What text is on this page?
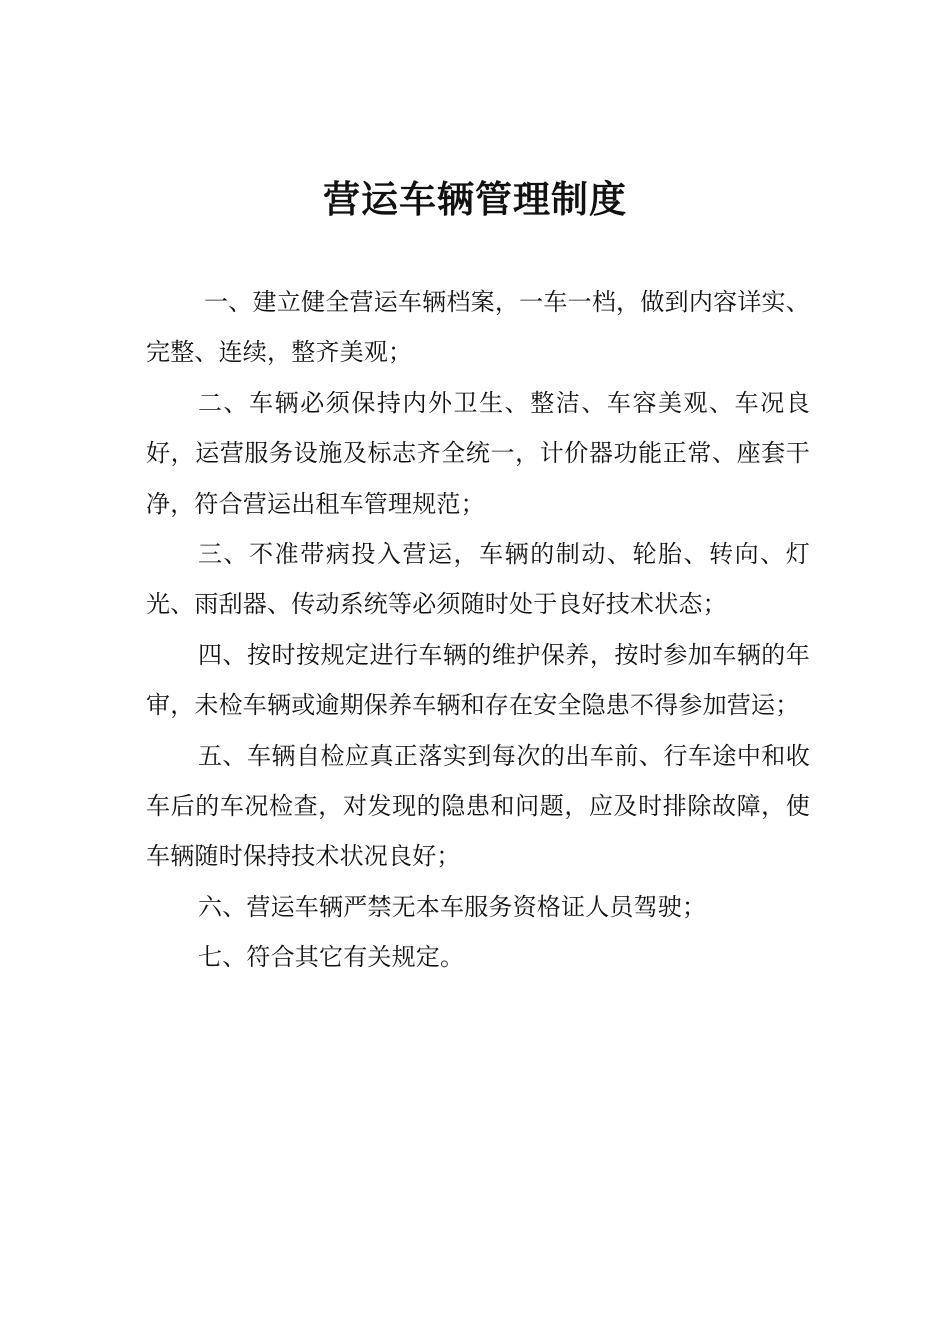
营运车辆管理制度

一、建立健全营运车辆档案，一车一档，做到内容详实、完整、连续，整齐美观；

二、车辆必须保持内外卫生、整洁、车容美观、车况良好，运营服务设施及标志齐全统一，计价器功能正常、座套干净，符合营运出租车管理规范；

三、不准带病投入营运，车辆的制动、轮胎、转向、灯光、雨刮器、传动系统等必须随时处于良好技术状态；

四、按时按规定进行车辆的维护保养，按时参加车辆的年审，未检车辆或逾期保养车辆和存在安全隐患不得参加营运；

五、车辆自检应真正落实到每次的出车前、行车途中和收车后的车况检查，对发现的隐患和问题，应及时排除故障，使车辆随时保持技术状况良好；

六、营运车辆严禁无本车服务资格证人员驾驶；

七、符合其它有关规定。
